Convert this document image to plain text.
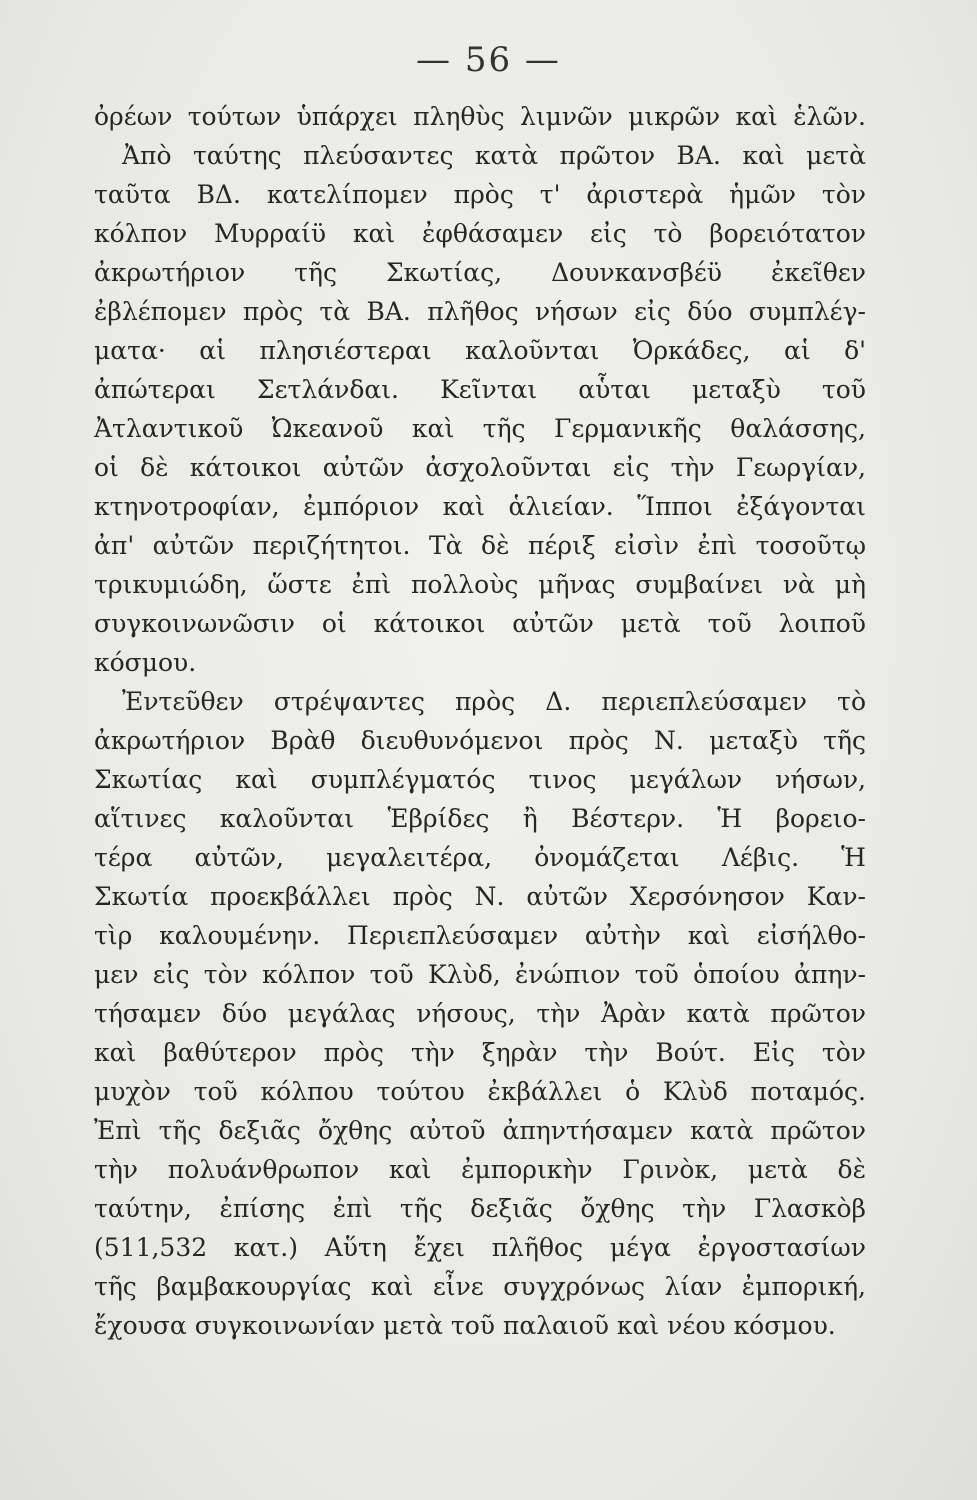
— 56 —
ὀρέων τούτων ὑπάρχει πληθὺς λιμνῶν μικρῶν καὶ ἑλῶν.
Ἀπὸ ταύτης πλεύσαντες κατὰ πρῶτον ΒΑ. καὶ μετὰ
ταῦτα ΒΔ. κατελίπομεν πρὸς τ' ἀριστερὰ ἡμῶν τὸν
κόλπον Μυρραίϋ καὶ ἐφθάσαμεν εἰς τὸ βορειότατον
ἀκρωτήριον τῆς Σκωτίας, Δουνκανσβέϋ ἐκεῖθεν
ἐβλέπομεν πρὸς τὰ ΒΑ. πλῆθος νήσων εἰς δύο συμπλέγ-
ματα· αἱ πλησιέστεραι καλοῦνται Ὀρκάδες, αἱ δ'
ἀπώτεραι Σετλάνδαι. Κεῖνται αὗται μεταξὺ τοῦ
Ἀτλαντικοῦ Ὠκεανοῦ καὶ τῆς Γερμανικῆς θαλάσσης,
οἱ δὲ κάτοικοι αὐτῶν ἀσχολοῦνται εἰς τὴν Γεωργίαν,
κτηνοτροφίαν, ἐμπόριον καὶ ἁλιείαν. Ἵπποι ἐξάγονται
ἀπ' αὐτῶν περιζήτητοι. Τὰ δὲ πέριξ εἰσὶν ἐπὶ τοσοῦτῳ
τρικυμιώδη, ὥστε ἐπὶ πολλοὺς μῆνας συμβαίνει νὰ μὴ
συγκοινωνῶσιν οἱ κάτοικοι αὐτῶν μετὰ τοῦ λοιποῦ
κόσμου.
Ἐντεῦθεν στρέψαντες πρὸς Δ. περιεπλεύσαμεν τὸ
ἀκρωτήριον Βρὰθ διευθυνόμενοι πρὸς Ν. μεταξὺ τῆς
Σκωτίας καὶ συμπλέγματός τινος μεγάλων νήσων,
αἵτινες καλοῦνται Ἑβρίδες ἢ Βέστερν. Ἡ βορειο-
τέρα αὐτῶν, μεγαλειτέρα, ὀνομάζεται Λέβις. Ἡ
Σκωτία προεκβάλλει πρὸς Ν. αὐτῶν Χερσόνησον Καν-
τὶρ καλουμένην. Περιεπλεύσαμεν αὐτὴν καὶ εἰσήλθο-
μεν εἰς τὸν κόλπον τοῦ Κλὺδ, ἐνώπιον τοῦ ὁποίου ἀπην-
τήσαμεν δύο μεγάλας νήσους, τὴν Ἀρὰν κατὰ πρῶτον
καὶ βαθύτερον πρὸς τὴν ξηρὰν τὴν Βούτ. Εἰς τὸν
μυχὸν τοῦ κόλπου τούτου ἐκβάλλει ὁ Κλὺδ ποταμός.
Ἐπὶ τῆς δεξιᾶς ὄχθης αὐτοῦ ἀπηντήσαμεν κατὰ πρῶτον
τὴν πολυάνθρωπον καὶ ἐμπορικὴν Γρινὸκ, μετὰ δὲ
ταύτην, ἐπίσης ἐπὶ τῆς δεξιᾶς ὄχθης τὴν Γλασκὸβ
(511,532 κατ.) Αὕτη ἔχει πλῆθος μέγα ἐργοστασίων
τῆς βαμβακουργίας καὶ εἶνε συγχρόνως λίαν ἐμπορική,
ἔχουσα συγκοινωνίαν μετὰ τοῦ παλαιοῦ καὶ νέου κόσμου.
